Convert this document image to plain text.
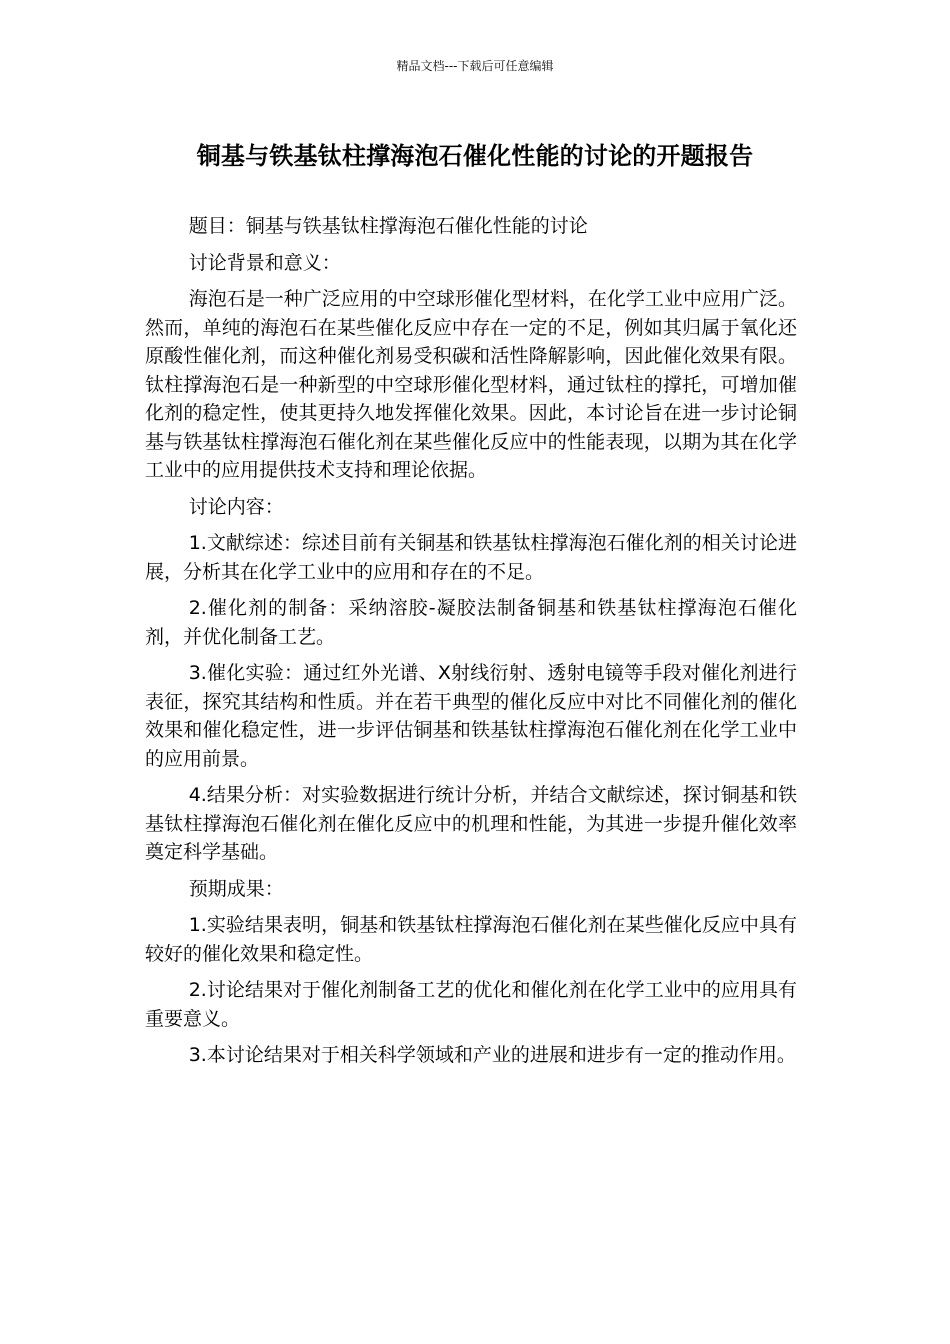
精品文档---下载后可任意编辑
铜基与铁基钛柱撑海泡石催化性能的讨论的开题报告

题目：铜基与铁基钛柱撑海泡石催化性能的讨论

讨论背景和意义：

海泡石是一种广泛应用的中空球形催化型材料，在化学工业中应用广泛。然而，单纯的海泡石在某些催化反应中存在一定的不足，例如其归属于氧化还原酸性催化剂，而这种催化剂易受积碳和活性降解影响，因此催化效果有限。钛柱撑海泡石是一种新型的中空球形催化型材料，通过钛柱的撑托，可增加催化剂的稳定性，使其更持久地发挥催化效果。因此，本讨论旨在进一步讨论铜基与铁基钛柱撑海泡石催化剂在某些催化反应中的性能表现，以期为其在化学工业中的应用提供技术支持和理论依据。

讨论内容：

1.文献综述：综述目前有关铜基和铁基钛柱撑海泡石催化剂的相关讨论进展，分析其在化学工业中的应用和存在的不足。

2.催化剂的制备：采纳溶胶-凝胶法制备铜基和铁基钛柱撑海泡石催化剂，并优化制备工艺。

3.催化实验：通过红外光谱、X射线衍射、透射电镜等手段对催化剂进行表征，探究其结构和性质。并在若干典型的催化反应中对比不同催化剂的催化效果和催化稳定性，进一步评估铜基和铁基钛柱撑海泡石催化剂在化学工业中的应用前景。

4.结果分析：对实验数据进行统计分析，并结合文献综述，探讨铜基和铁基钛柱撑海泡石催化剂在催化反应中的机理和性能，为其进一步提升催化效率奠定科学基础。

预期成果：

1.实验结果表明，铜基和铁基钛柱撑海泡石催化剂在某些催化反应中具有较好的催化效果和稳定性。

2.讨论结果对于催化剂制备工艺的优化和催化剂在化学工业中的应用具有重要意义。

3.本讨论结果对于相关科学领域和产业的进展和进步有一定的推动作用。
